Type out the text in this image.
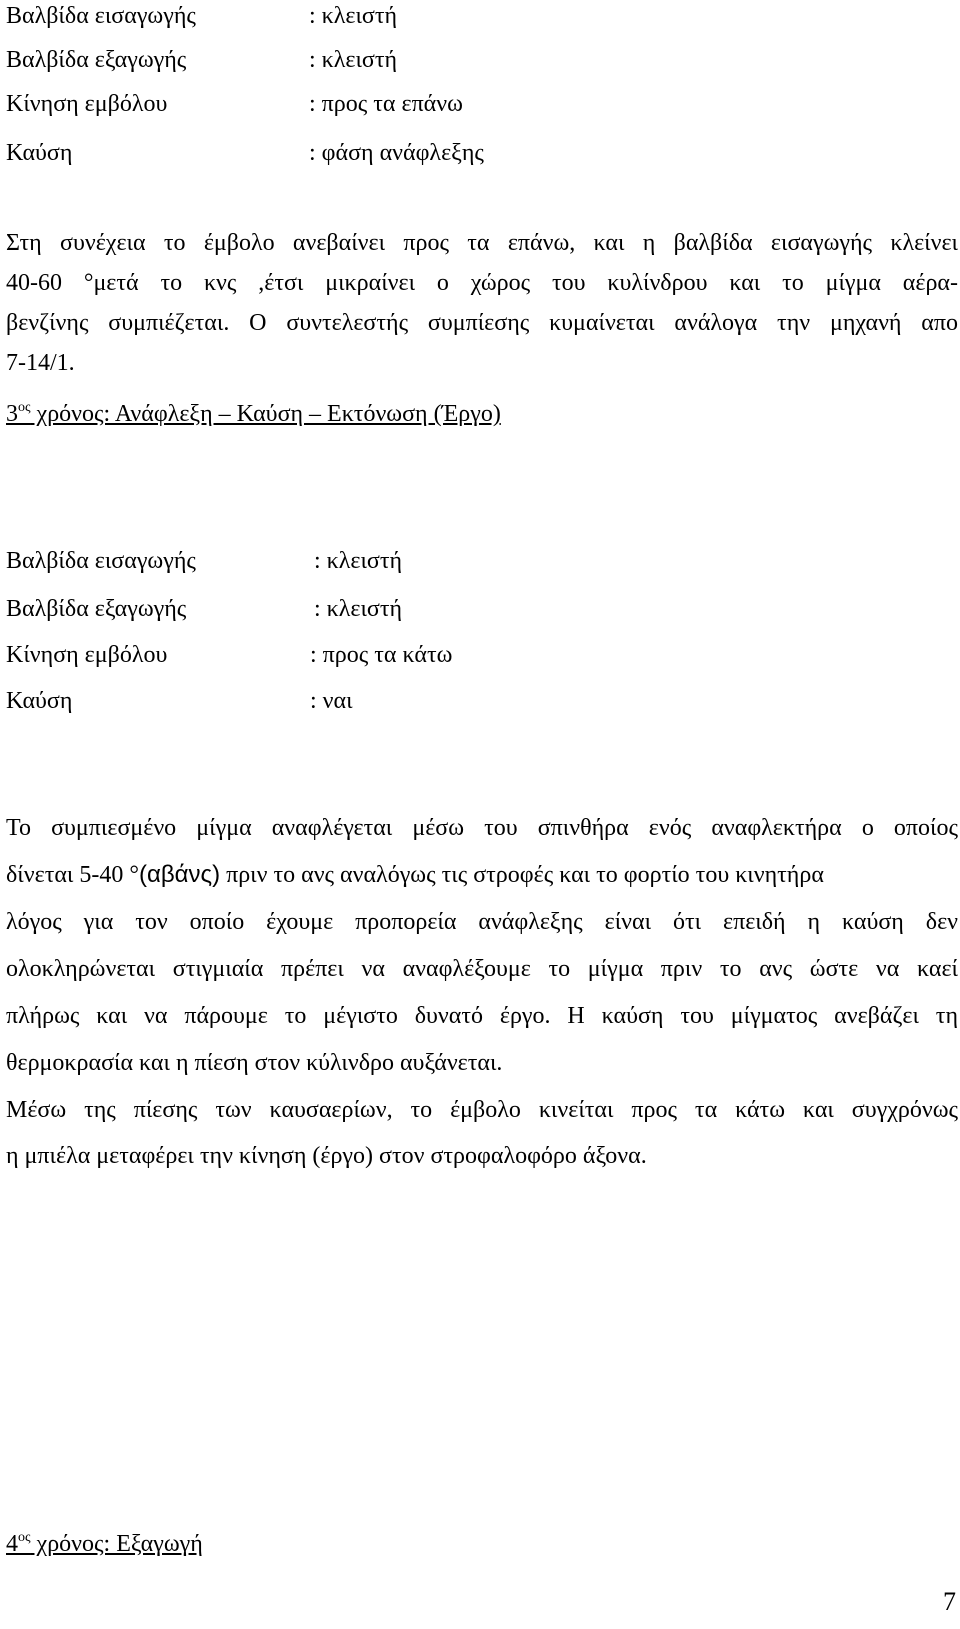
Βαλβίδα εισαγωγής	: κλειστή
Βαλβίδα εξαγωγής	: κλειστή
Κίνηση εμβόλου	: προς τα επάνω
Καύση	: φάση ανάφλεξης
Στη συνέχεια το έμβολο ανεβαίνει προς τα επάνω, και η βαλβίδα εισαγωγής κλείνει
40-60 °μετά το κνς ,έτσι μικραίνει ο χώρος του κυλίνδρου και το μίγμα αέρα-
βενζίνης συμπιέζεται. Ο συντελεστής συμπίεσης κυμαίνεται ανάλογα την μηχανή απο
7-14/1.
$3^{o\varsigma}$ χρόνος: Ανάφλεξη – Καύση – Εκτόνωση (Έργο)
Βαλβίδα εισαγωγής	: κλειστή
Βαλβίδα εξαγωγής	: κλειστή
Κίνηση εμβόλου	: προς τα κάτω
Καύση	: ναι
Το συμπιεσμένο μίγμα αναφλέγεται μέσω του σπινθήρα ενός αναφλεκτήρα ο οποίος
δίνεται 5-40 °(αβάνς) πριν το ανς αναλόγως τις στροφές και το φορτίο του κινητήρα
λόγος για τον οποίο έχουμε προπορεία ανάφλεξης είναι ότι επειδή η καύση δεν
ολοκληρώνεται στιγμιαία πρέπει να αναφλέξουμε το μίγμα πριν το ανς ώστε να καεί
πλήρως και να πάρουμε το μέγιστο δυνατό έργο. Η καύση του μίγματος ανεβάζει τη
θερμοκρασία και η πίεση στον κύλινδρο αυξάνεται.
Μέσω της πίεσης των καυσαερίων, το έμβολο κινείται προς τα κάτω και συγχρόνως
η μπιέλα μεταφέρει την κίνηση (έργο) στον στροφαλοφόρο άξονα.
$4^{o\varsigma}$ χρόνος: Εξαγωγή
7
